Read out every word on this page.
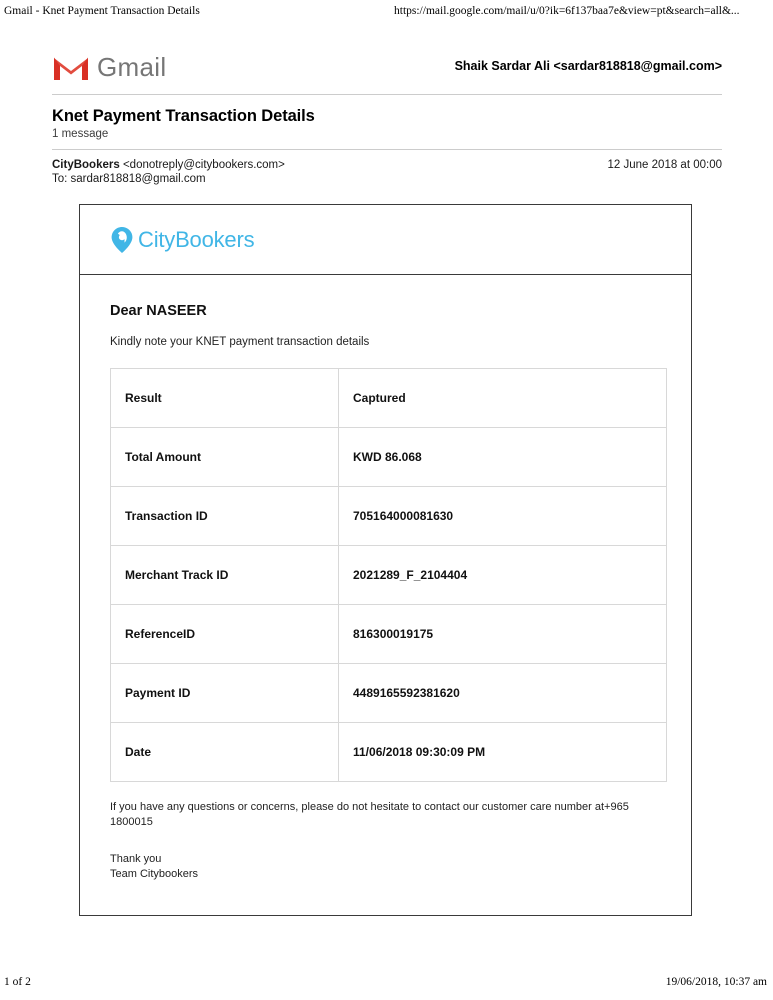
Gmail - Knet Payment Transaction Details	https://mail.google.com/mail/u/0?ik=6f137baa7e&view=pt&search=all&...
Gmail	Shaik Sardar Ali <sardar818818@gmail.com>
Knet Payment Transaction Details
1 message
CityBookers <donotreply@citybookers.com>
To: sardar818818@gmail.com
12 June 2018 at 00:00
CityBookers
Dear NASEER
Kindly note your KNET payment transaction details
Result	Captured
Total Amount	KWD 86.068
Transaction ID	705164000081630
Merchant Track ID	2021289_F_2104404
ReferenceID	816300019175
Payment ID	4489165592381620
Date	11/06/2018 09:30:09 PM

If you have any questions or concerns, please do not hesitate to contact our customer care number at+965 1800015

Thank you
Team Citybookers
1 of 2	19/06/2018, 10:37 am
